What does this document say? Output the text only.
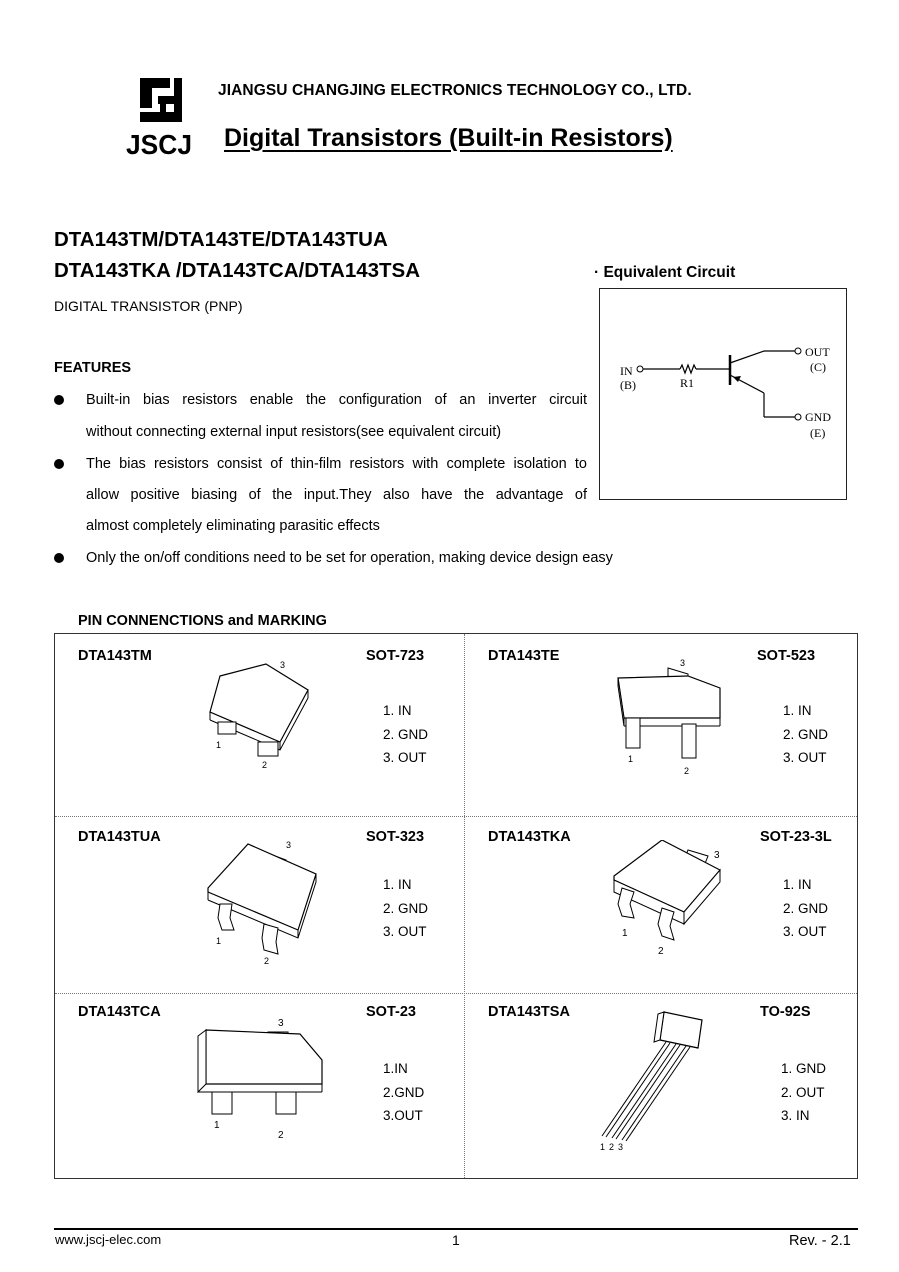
JSCJ
JIANGSU CHANGJING ELECTRONICS TECHNOLOGY CO., LTD.
Digital Transistors (Built-in Resistors)
DTA143TM/DTA143TE/DTA143TUA
DTA143TKA /DTA143TCA/DTA143TSA
DIGITAL TRANSISTOR (PNP)
· Equivalent Circuit
IN
(B)	R1
OUT
(C)
GND
(E)
FEATURES
Built-in bias resistors enable the configuration of an inverter circuit
without connecting external input resistors(see equivalent circuit)
The bias resistors consist of thin-film resistors with complete isolation to
allow positive biasing of the input.They also have the advantage of
almost completely eliminating parasitic effects
Only the on/off conditions need to be set for operation, making device design easy
PIN CONNENCTIONS and MARKING
DTA143TM	SOT-723
1. IN
2. GND
3. OUT
1
2
3
DTA143TE	SOT-523
1. IN
2. GND
3. OUT
1
2
3
DTA143TUA	SOT-323
1. IN
2. GND
3. OUT
1
2
3	DTA143TKA	SOT-23-3L
1. IN
2. GND
3. OUT
1
2
3
DTA143TCA	SOT-23
1.IN
2.GND
3.OUT
1
2
3
DTA143TSA	TO-92S
1. GND
2. OUT
3. IN
1 2 3
www.jscj-elec.com	1	Rev. - 2.1
